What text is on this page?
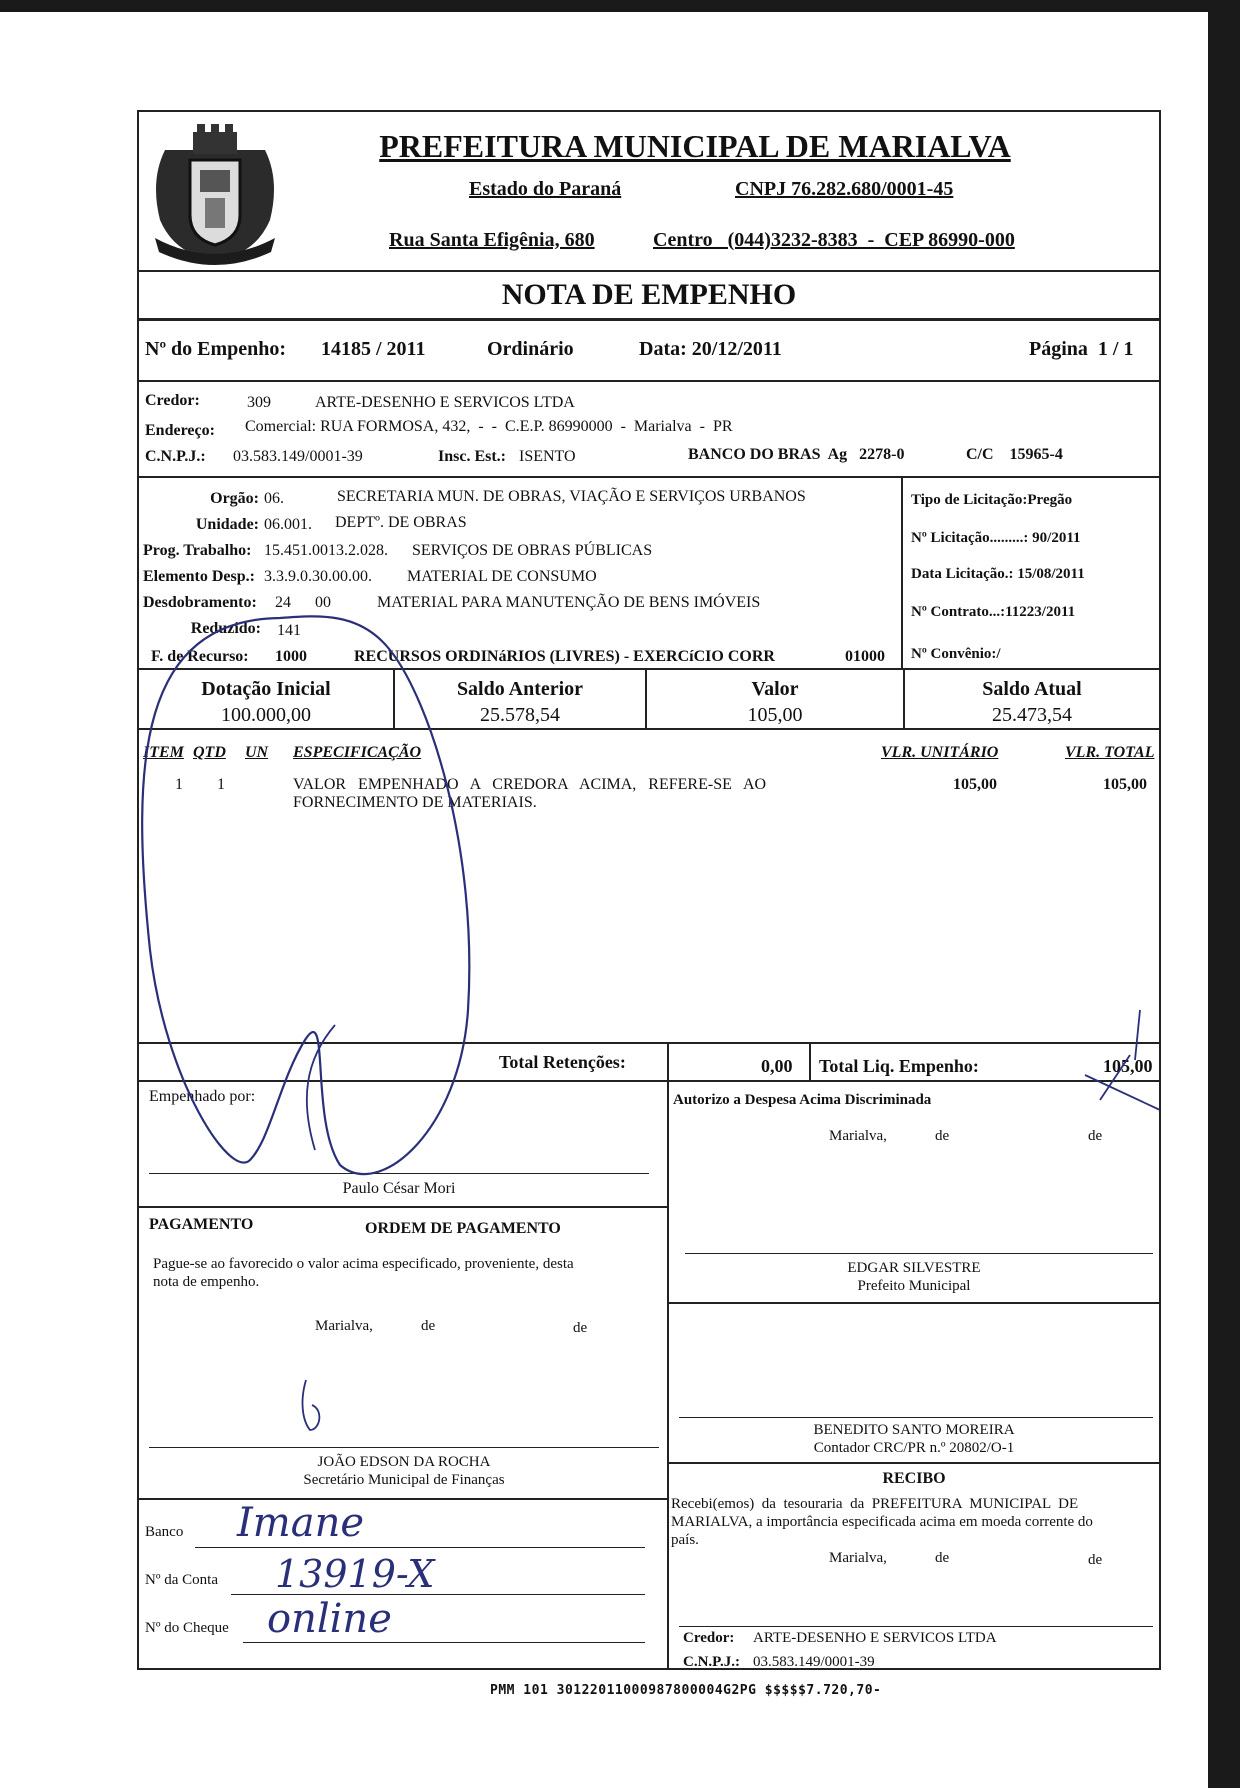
PREFEITURA MUNICIPAL DE MARIALVA
Estado do Paraná	CNPJ 76.282.680/0001-45
Rua Santa Efigênia, 680	Centro   (044)3232-8383  -  CEP 86990-000
NOTA DE EMPENHO
Nº do Empenho: 14185 / 2011	Ordinário	Data: 20/12/2011	Página  1 / 1
Credor:	309	ARTE-DESENHO E SERVICOS LTDA
Endereço: Comercial: RUA FORMOSA, 432,  -  -  C.E.P. 86990000  -  Marialva  -  PR
C.N.P.J.: 03.583.149/0001-39	Insc. Est.: ISENTO	BANCO DO BRAS  Ag   2278-0	C/C    15965-4
Orgão: 06.	SECRETARIA MUN. DE OBRAS, VIAÇÃO E SERVIÇOS URBANOS
Unidade: 06.001. DEPTº. DE OBRAS
Prog. Trabalho: 15.451.0013.2.028. SERVIÇOS DE OBRAS PÚBLICAS
Elemento Desp.: 3.3.9.0.30.00.00. MATERIAL DE CONSUMO
Desdobramento: 24      00	MATERIAL PARA MANUTENÇÃO DE BENS IMÓVEIS
Reduzido: 141
F. de Recurso: 1000	RECURSOS ORDINáRIOS (LIVRES) - EXERCíCIO CORR	01000
Tipo de Licitação:Pregão
Nº Licitação.........: 90/2011
Data Licitação.: 15/08/2011
Nº Contrato...:11223/2011
Nº Convênio:/
Dotação Inicial
100.000,00
Saldo Anterior
25.578,54
Valor
105,00
Saldo Atual
25.473,54
ITEM QTD UN ESPECIFICAÇÃO	VLR. UNITÁRIO	VLR. TOTAL
1 1	VALOR   EMPENHADO   A   CREDORA   ACIMA,   REFERE-SE   AO
FORNECIMENTO DE MATERIAIS.
105,00	105,00
Total Retenções:	0,00 Total Liq. Empenho:	105,00
Empenhado por:
Paulo César Mori
PAGAMENTO	ORDEM DE PAGAMENTO
Pague-se ao favorecido o valor acima especificado, proveniente, desta
nota de empenho.
Marialva,	de	de
JOÃO EDSON DA ROCHA
Secretário Municipal de Finanças
Banco Imane
Nº da Conta 13919-X
Nº do Cheque online
Autorizo a Despesa Acima Discriminada
Marialva,	de	de
EDGAR SILVESTRE
Prefeito Municipal
BENEDITO SANTO MOREIRA
Contador CRC/PR n.º 20802/O-1
RECIBO
Recebi(emos)  da  tesouraria  da  PREFEITURA  MUNICIPAL  DE
MARIALVA, a importância especificada acima em moeda corrente do
país.
Marialva,	de	de
Credor: ARTE-DESENHO E SERVICOS LTDA
C.N.P.J.: 03.583.149/0001-39
PMM 101 30122011000987800004G2PG $$$$$7.720,70-
